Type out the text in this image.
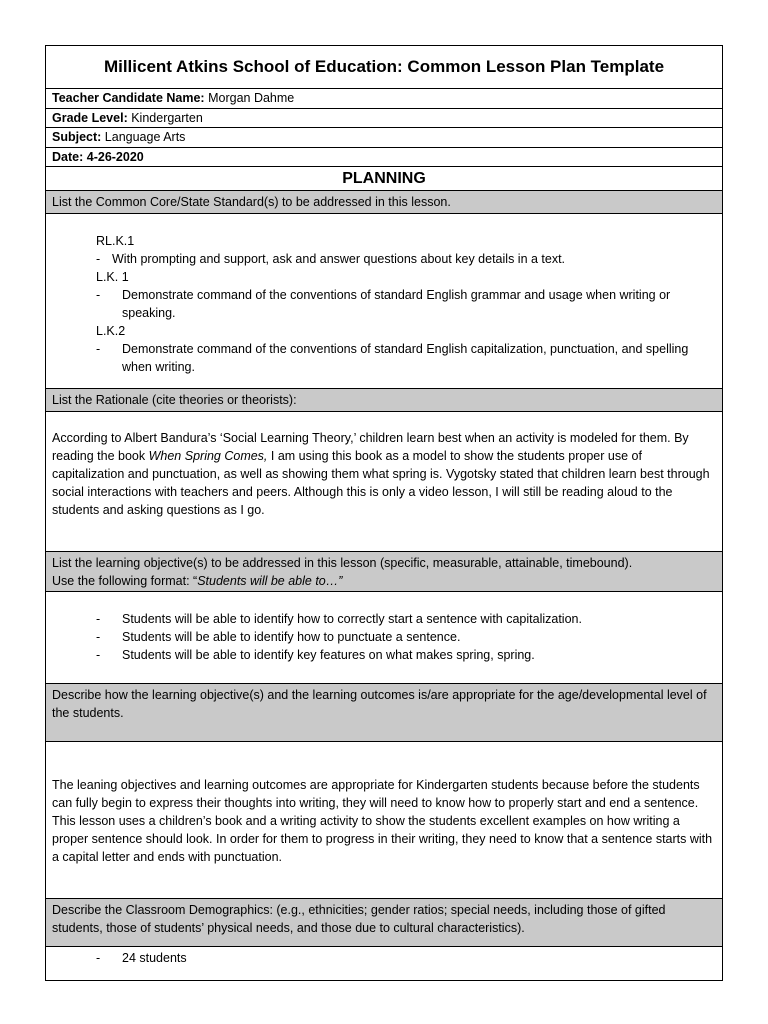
Millicent Atkins School of Education: Common Lesson Plan Template
Teacher Candidate Name: Morgan Dahme
Grade Level: Kindergarten
Subject: Language Arts
Date: 4-26-2020
PLANNING
List the Common Core/State Standard(s) to be addressed in this lesson.
RL.K.1
- With prompting and support, ask and answer questions about key details in a text.
L.K. 1
- Demonstrate command of the conventions of standard English grammar and usage when writing or speaking.
L.K.2
- Demonstrate command of the conventions of standard English capitalization, punctuation, and spelling when writing.
List the Rationale (cite theories or theorists):
According to Albert Bandura’s ‘Social Learning Theory,’ children learn best when an activity is modeled for them. By reading the book When Spring Comes, I am using this book as a model to show the students proper use of capitalization and punctuation, as well as showing them what spring is. Vygotsky stated that children learn best through social interactions with teachers and peers. Although this is only a video lesson, I will still be reading aloud to the students and asking questions as I go.
List the learning objective(s) to be addressed in this lesson (specific, measurable, attainable, timebound).
Use the following format: “Students will be able to…”
- Students will be able to identify how to correctly start a sentence with capitalization.
- Students will be able to identify how to punctuate a sentence.
- Students will be able to identify key features on what makes spring, spring.
Describe how the learning objective(s) and the learning outcomes is/are appropriate for the age/developmental level of the students.
The leaning objectives and learning outcomes are appropriate for Kindergarten students because before the students can fully begin to express their thoughts into writing, they will need to know how to properly start and end a sentence. This lesson uses a children’s book and a writing activity to show the students excellent examples on how writing a proper sentence should look. In order for them to progress in their writing, they need to know that a sentence starts with a capital letter and ends with punctuation.
Describe the Classroom Demographics: (e.g., ethnicities; gender ratios; special needs, including those of gifted students, those of students’ physical needs, and those due to cultural characteristics).
- 24 students
